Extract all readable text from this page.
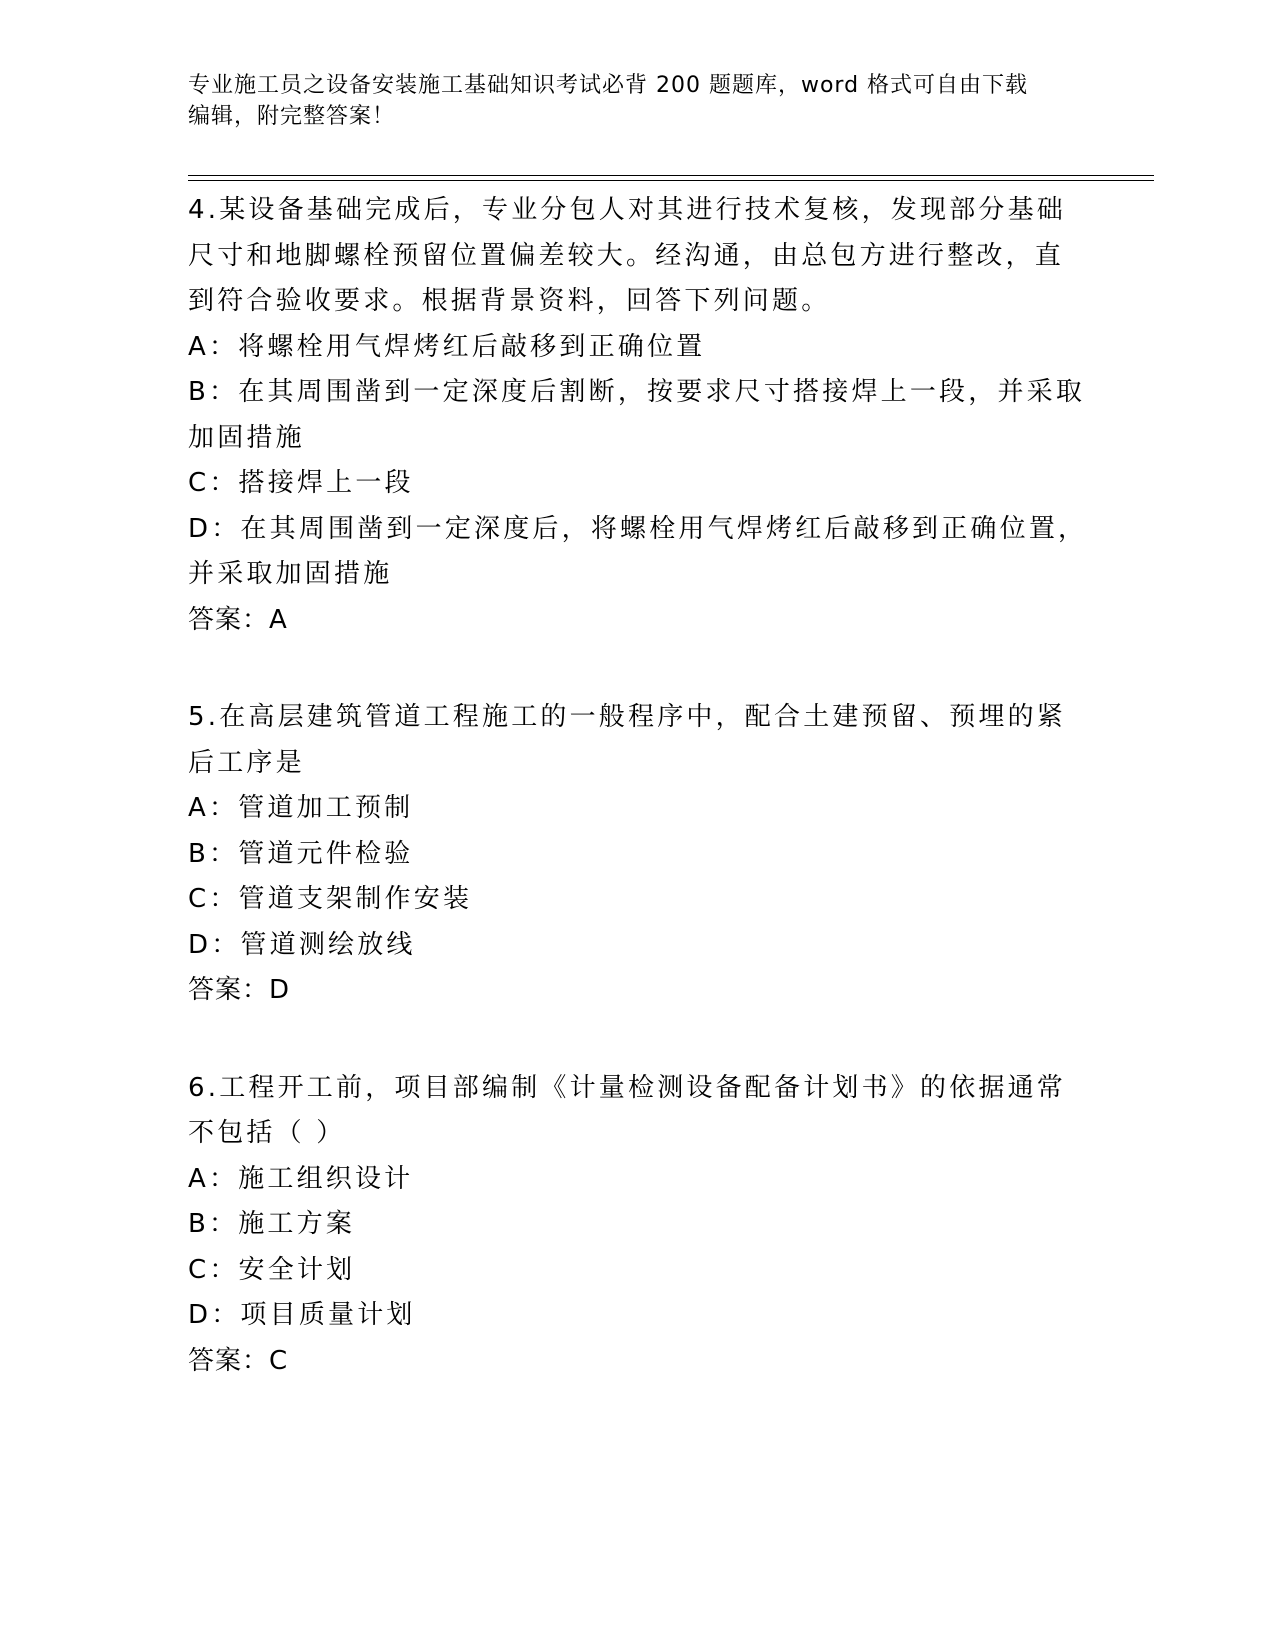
专业施工员之设备安装施工基础知识考试必背 200 题题库，word 格式可自由下载
编辑，附完整答案！
4.某设备基础完成后，专业分包人对其进行技术复核，发现部分基础
尺寸和地脚螺栓预留位置偏差较大。经沟通，由总包方进行整改，直
到符合验收要求。根据背景资料，回答下列问题。
A：将螺栓用气焊烤红后敲移到正确位置
B：在其周围凿到一定深度后割断，按要求尺寸搭接焊上一段，并采取
加固措施
C：搭接焊上一段
D：在其周围凿到一定深度后，将螺栓用气焊烤红后敲移到正确位置，
并采取加固措施
答案：A
5.在高层建筑管道工程施工的一般程序中，配合土建预留、预埋的紧
后工序是
A：管道加工预制
B：管道元件检验
C：管道支架制作安装
D：管道测绘放线
答案：D
6.工程开工前，项目部编制《计量检测设备配备计划书》的依据通常
不包括（ ）
A：施工组织设计
B：施工方案
C：安全计划
D：项目质量计划
答案：C
